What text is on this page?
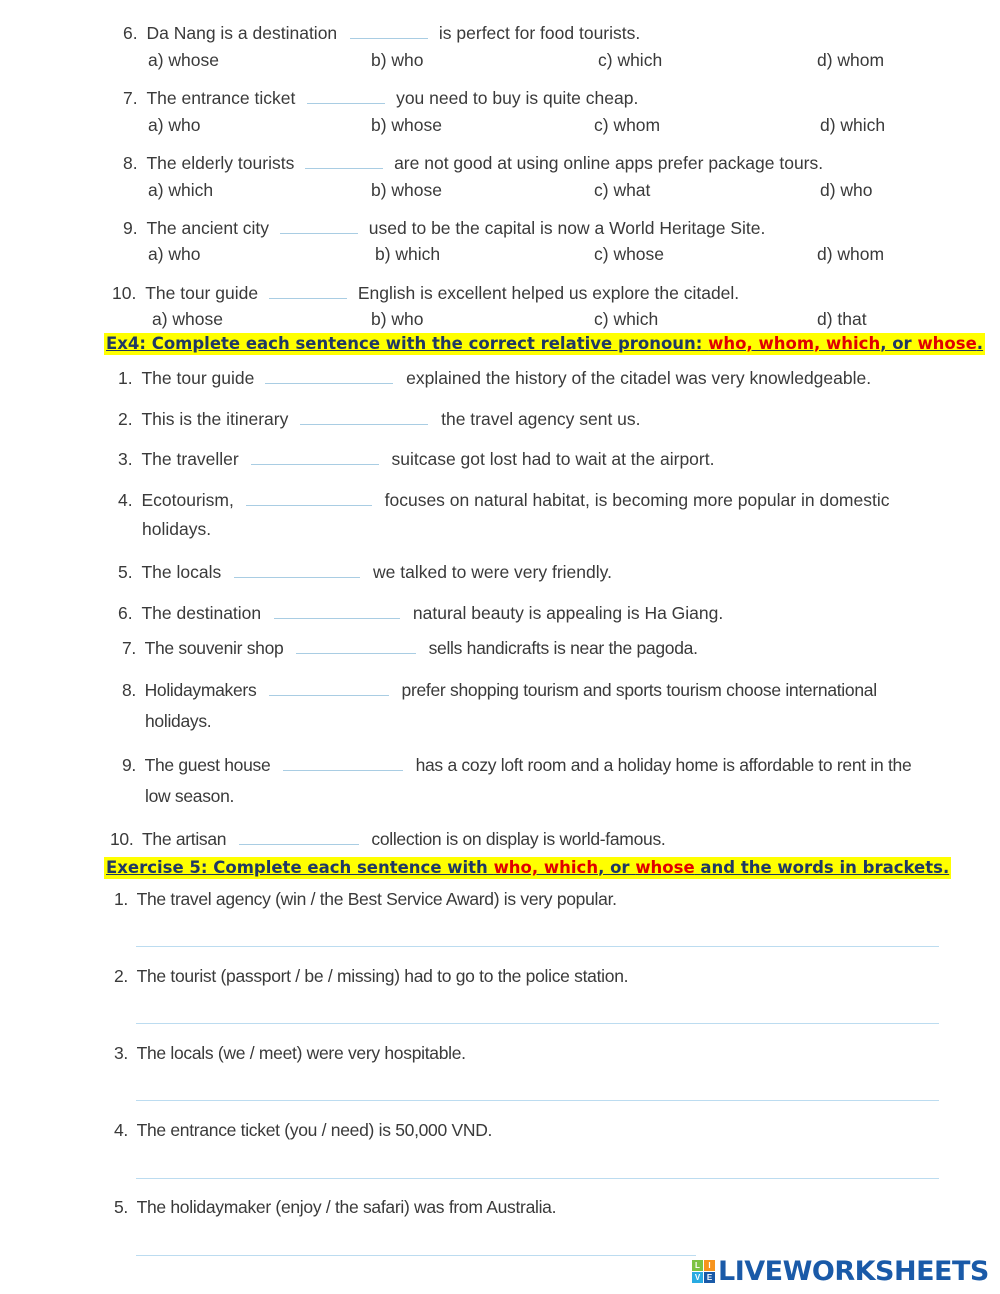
6. Da Nang is a destination	is perfect for food tourists.
a) whose	b) who	c) which	d) whom
7. The entrance ticket	you need to buy is quite cheap.
a) who	b) whose	c) whom	d) which
8. The elderly tourists	are not good at using online apps prefer package tours.
a) which	b) whose	c) what	d) who
9. The ancient city	used to be the capital is now a World Heritage Site.
a) who	b) which	c) whose	d) whom
10. The tour guide	English is excellent helped us explore the citadel.
a) whose	b) who	c) which	d) that
Ex4: Complete each sentence with the correct relative pronoun: who, whom, which, or whose.
1. The tour guide	explained the history of the citadel was very knowledgeable.
2. This is the itinerary	the travel agency sent us.
3. The traveller	suitcase got lost had to wait at the airport.
4. Ecotourism,	focuses on natural habitat, is becoming more popular in domestic
holidays.
5. The locals	we talked to were very friendly.
6. The destination	natural beauty is appealing is Ha Giang.
7. The souvenir shop	sells handicrafts is near the pagoda.
8. Holidaymakers	prefer shopping tourism and sports tourism choose international
holidays.
9. The guest house	has a cozy loft room and a holiday home is affordable to rent in the
low season.
10. The artisan	collection is on display is world-famous.
Exercise 5: Complete each sentence with who, which, or whose and the words in brackets.
1. The travel agency (win / the Best Service Award) is very popular.
2. The tourist (passport / be / missing) had to go to the police station.
3. The locals (we / meet) were very hospitable.
4. The entrance ticket (you / need) is 50,000 VND.
5. The holidaymaker (enjoy / the safari) was from Australia.
L	I
V E LIVEWORKSHEETS
